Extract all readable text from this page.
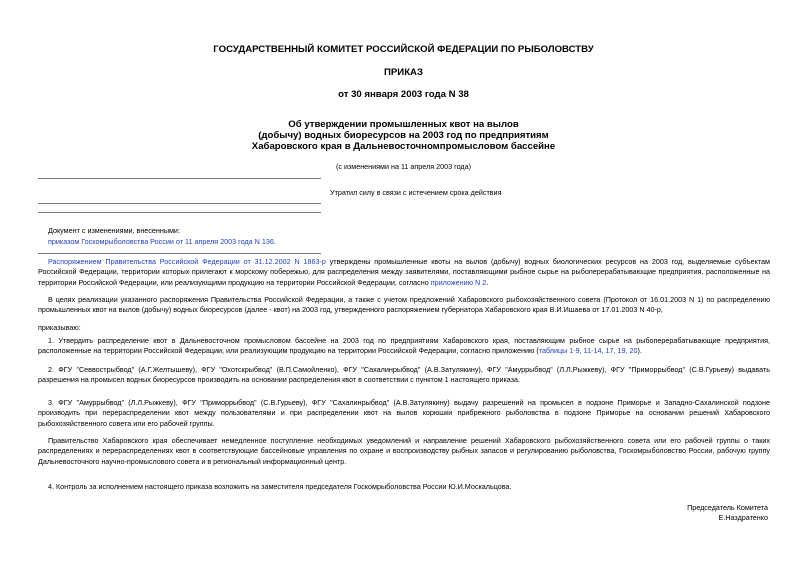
ГОСУДАРСТВЕННЫЙ КОМИТЕТ РОССИЙСКОЙ ФЕДЕРАЦИИ ПО РЫБОЛОВСТВУ
ПРИКАЗ
от 30 января 2003 года N 38
Об утверждении промышленных квот на вылов
(добычу) водных биоресурсов на 2003 год по предприятиям
Хабаровского края в Дальневосточномпромысловом бассейне
(с изменениями на 11 апреля 2003 года)
Утратил силу в связи с истечением срока действия
Документ с изменениями, внесенными:
приказом Госкомрыболовства России от 11 апреля 2003 года N 136.
Распоряжением Правительства Российской Федерации от 31.12.2002 N 1863-р утверждены промышленные квоты на вылов (добычу) водных биологических ресурсов на 2003 год, выделяемые субъектам Российской Федерации, территории которых прилегают к морскому побережью, для распределения между заявителями, поставляющими рыбное сырье на рыбоперерабатывающие предприятия, расположенные на территории Российской Федерации, или реализующими продукцию на территории Российской Федерации, согласно приложению N 2.
В целях реализации указанного распоряжения Правительства Российской Федерации, а также с учетом предложений Хабаровского рыбохозяйственного совета (Протокол от 16.01.2003 N 1) по распределению промышленных квот на вылов (добычу) водных биоресурсов (далее - квот) на 2003 год, утвержденного распоряжением губернатора Хабаровского края В.И.Ишаева от 17.01.2003 N 40-р,
приказываю:
1. Утвердить распределение квот в Дальневосточном промысловом бассейне на 2003 год по предприятиям Хабаровского края, поставляющим рыбное сырье на рыбоперерабатывающие предприятия, расположенные на территории Российской Федерации, или реализующим продукцию на территории Российской Федерации, согласно приложению (таблицы 1-9, 11-14, 17, 19, 20).
2. ФГУ "Севвострыбвод" (А.Г.Желтышеву), ФГУ "Охотскрыбвод" (В.П.Самойленко), ФГУ "Сахалинрыбвод" (А.В.Затулякину), ФГУ "Амуррыбвод" (Л.Л.Рыжкеву), ФГУ "Приморрыбвод" (С.В.Гурьеву) выдавать разрешения на промысел водных биоресурсов производить на основании распределения квот в соответствии с пунктом 1 настоящего приказа.
3. ФГУ "Амуррыбвод" (Л.Л.Рыжкеву), ФГУ "Приморрыбвод" (С.В.Гурьеву), ФГУ "Сахалинрыбвод" (А.В.Затулякину) выдачу разрешений на промысел в подзоне Приморье и Западно-Сахалинской подзоне производить при перераспределении квот между пользователями и при распределении квот на вылов корюшки прибрежного рыболовства в подзоне Приморье на основании решений Хабаровского рыбохозяйственного совета или его рабочей группы.
Правительство Хабаровского края обеспечивает немедленное поступление необходимых уведомлений и направление решений Хабаровского рыбохозяйственного совета или его рабочей группы о таких распределениях и перераспределениях квот в соответствующие бассейновые управления по охране и воспроизводству рыбных запасов и регулированию рыболовства, Госкомрыболовство России, рабочую группу Дальневосточного научно-промыслового совета и в региональный информационный центр.
4. Контроль за исполнением настоящего приказа возложить на заместителя председателя Госкомрыболовства России Ю.И.Москальцова.
Председатель Комитета
Е.Наздратенко
